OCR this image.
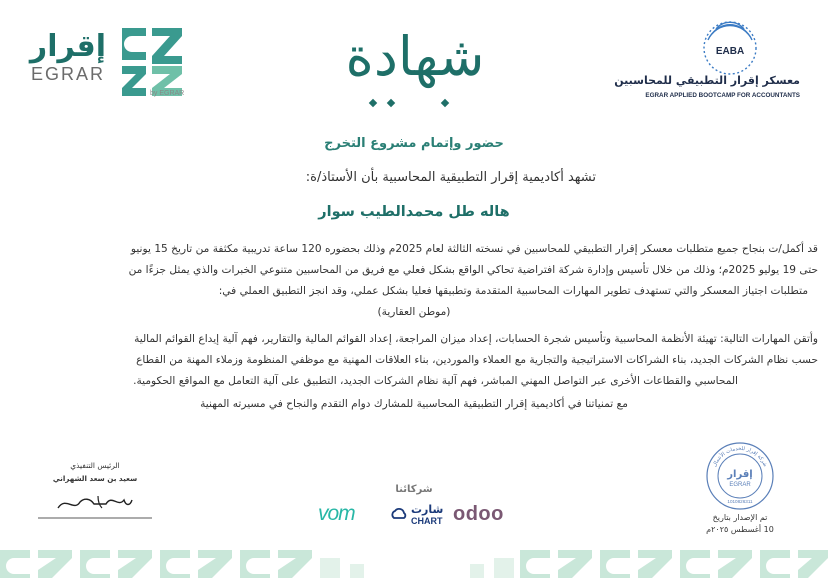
إقرار
EGRAR
by EGRAR
شهادة	EABA
معسكر إقرار التطبيقي للمحاسبين
EGRAR APPLIED BOOTCAMP FOR ACCOUNTANTS
حضور وإتمام مشروع التخرج
تشهد أكاديمية إقرار التطبيقية المحاسبية بأن الأستاذ/ة:
هاله طل محمدالطيب سوار
قد أكمل/ت بنجاح جميع متطلبات معسكر إقرار التطبيقي للمحاسبين في نسخته الثالثة لعام 2025م وذلك بحضوره 120 ساعة تدريبية مكثفة من تاريخ 15 يونيو
حتى 19 يوليو 2025م؛ وذلك من خلال تأسيس وإدارة شركة افتراضية تحاكي الواقع بشكل فعلي مع فريق من المحاسبين متنوعي الخبرات والذي يمثل جزءًا من
متطلبات اجتياز المعسكر والتي تستهدف تطوير المهارات المحاسبية المتقدمة وتطبيقها فعليا بشكل عملي، وقد انجز التطبيق العملي في:
(موطن العقارية)
وأتقن المهارات التالية: تهيئة الأنظمة المحاسبية وتأسيس شجرة الحسابات، إعداد ميزان المراجعة، إعداد القوائم المالية والتقارير، فهم آلية إيداع القوائم المالية
حسب نظام الشركات الجديد، بناء الشراكات الاستراتيجية والتجارية مع العملاء والموردين، بناء العلاقات المهنية مع موظفي المنظومة وزملاء المهنة من القطاع
المحاسبي والقطاعات الأخرى عبر التواصل المهني المباشر، فهم آلية نظام الشركات الجديد، التطبيق على آلية التعامل مع المواقع الحكومية.
مع تمنياتنا في أكاديمية إقرار التطبيقية المحاسبية للمشارك دوام التقدم والنجاح في مسيرته المهنية
الرئيس التنفيذي
سعيد بن سعد الشهراني
شركائنا
vom	شارت
CHART odoo
شركة إقرار للخدمات الأعمال
إقرار
EGRAR
1010826311
تم الإصدار بتاريخ
10 أغسطس ٢٠٢٥م
